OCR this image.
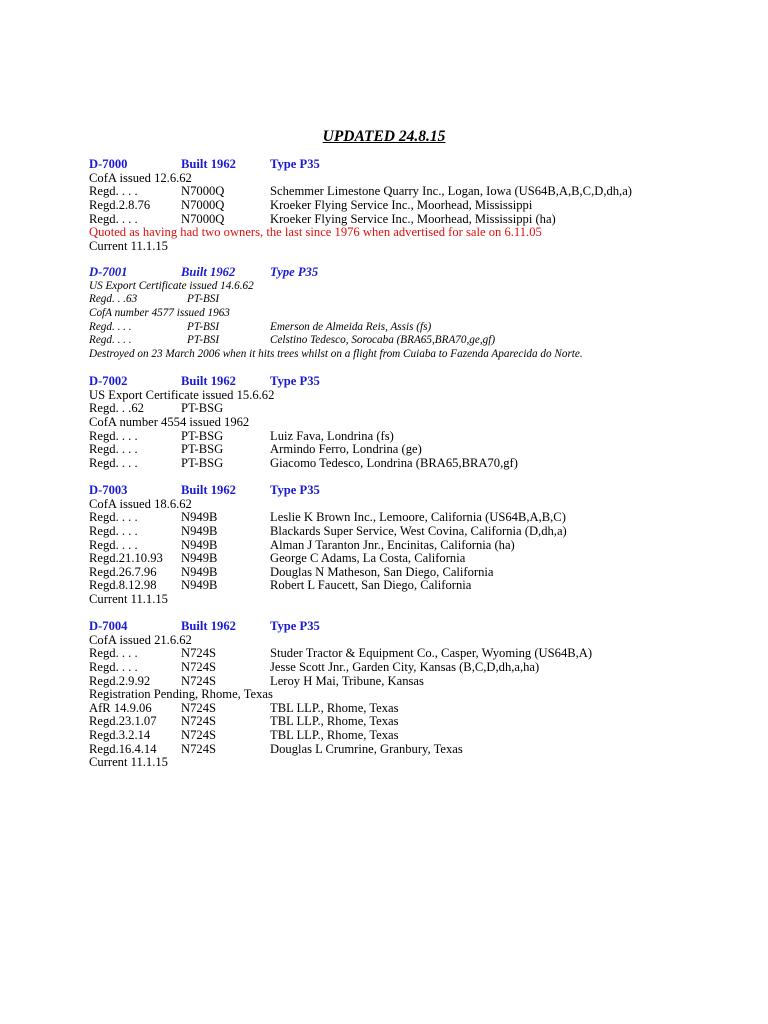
UPDATED 24.8.15
D-7000	Built 1962	Type P35
CofA issued 12.6.62
Regd. . . .	N7000Q	Schemmer Limestone Quarry Inc., Logan, Iowa (US64B,A,B,C,D,dh,a)
Regd.2.8.76 N7000Q	Kroeker Flying Service Inc., Moorhead, Mississippi
Regd. . . .	N7000Q	Kroeker Flying Service Inc., Moorhead, Mississippi (ha)
Quoted as having had two owners, the last since 1976 when advertised for sale on 6.11.05
Current 11.1.15
D-7001	Built 1962	Type P35
US Export Certificate issued 14.6.62
Regd. . .63	PT-BSI
CofA number 4577 issued 1963
Regd. . . .	PT-BSI	Emerson de Almeida Reis, Assis (fs)
Regd. . . .	PT-BSI	Celstino Tedesco, Sorocaba (BRA65,BRA70,ge,gf)
Destroyed on 23 March 2006 when it hits trees whilst on a flight from Cuiaba to Fazenda Aparecida do Norte.
D-7002	Built 1962	Type P35
US Export Certificate issued 15.6.62
Regd. . .62	PT-BSG
CofA number 4554 issued 1962
Regd. . . .	PT-BSG	Luiz Fava, Londrina (fs)
Regd. . . .	PT-BSG	Armindo Ferro, Londrina (ge)
Regd. . . .	PT-BSG	Giacomo Tedesco, Londrina (BRA65,BRA70,gf)
D-7003	Built 1962	Type P35
CofA issued 18.6.62
Regd. . . .	N949B	Leslie K Brown Inc., Lemoore, California (US64B,A,B,C)
Regd. . . .	N949B	Blackards Super Service, West Covina, California (D,dh,a)
Regd. . . .	N949B	Alman J Taranton Jnr., Encinitas, California (ha)
Regd.21.10.93 N949B	George C Adams, La Costa, California
Regd.26.7.96 N949B	Douglas N Matheson, San Diego, California
Regd.8.12.98 N949B	Robert L Faucett, San Diego, California
Current 11.1.15
D-7004	Built 1962	Type P35
CofA issued 21.6.62
Regd. . . .	N724S	Studer Tractor & Equipment Co., Casper, Wyoming (US64B,A)
Regd. . . .	N724S	Jesse Scott Jnr., Garden City, Kansas (B,C,D,dh,a,ha)
Regd.2.9.92 N724S	Leroy H Mai, Tribune, Kansas
Registration Pending, Rhome, Texas
AfR 14.9.06 N724S	TBL LLP., Rhome, Texas
Regd.23.1.07 N724S	TBL LLP., Rhome, Texas
Regd.3.2.14 N724S	TBL LLP., Rhome, Texas
Regd.16.4.14 N724S	Douglas L Crumrine, Granbury, Texas
Current 11.1.15
